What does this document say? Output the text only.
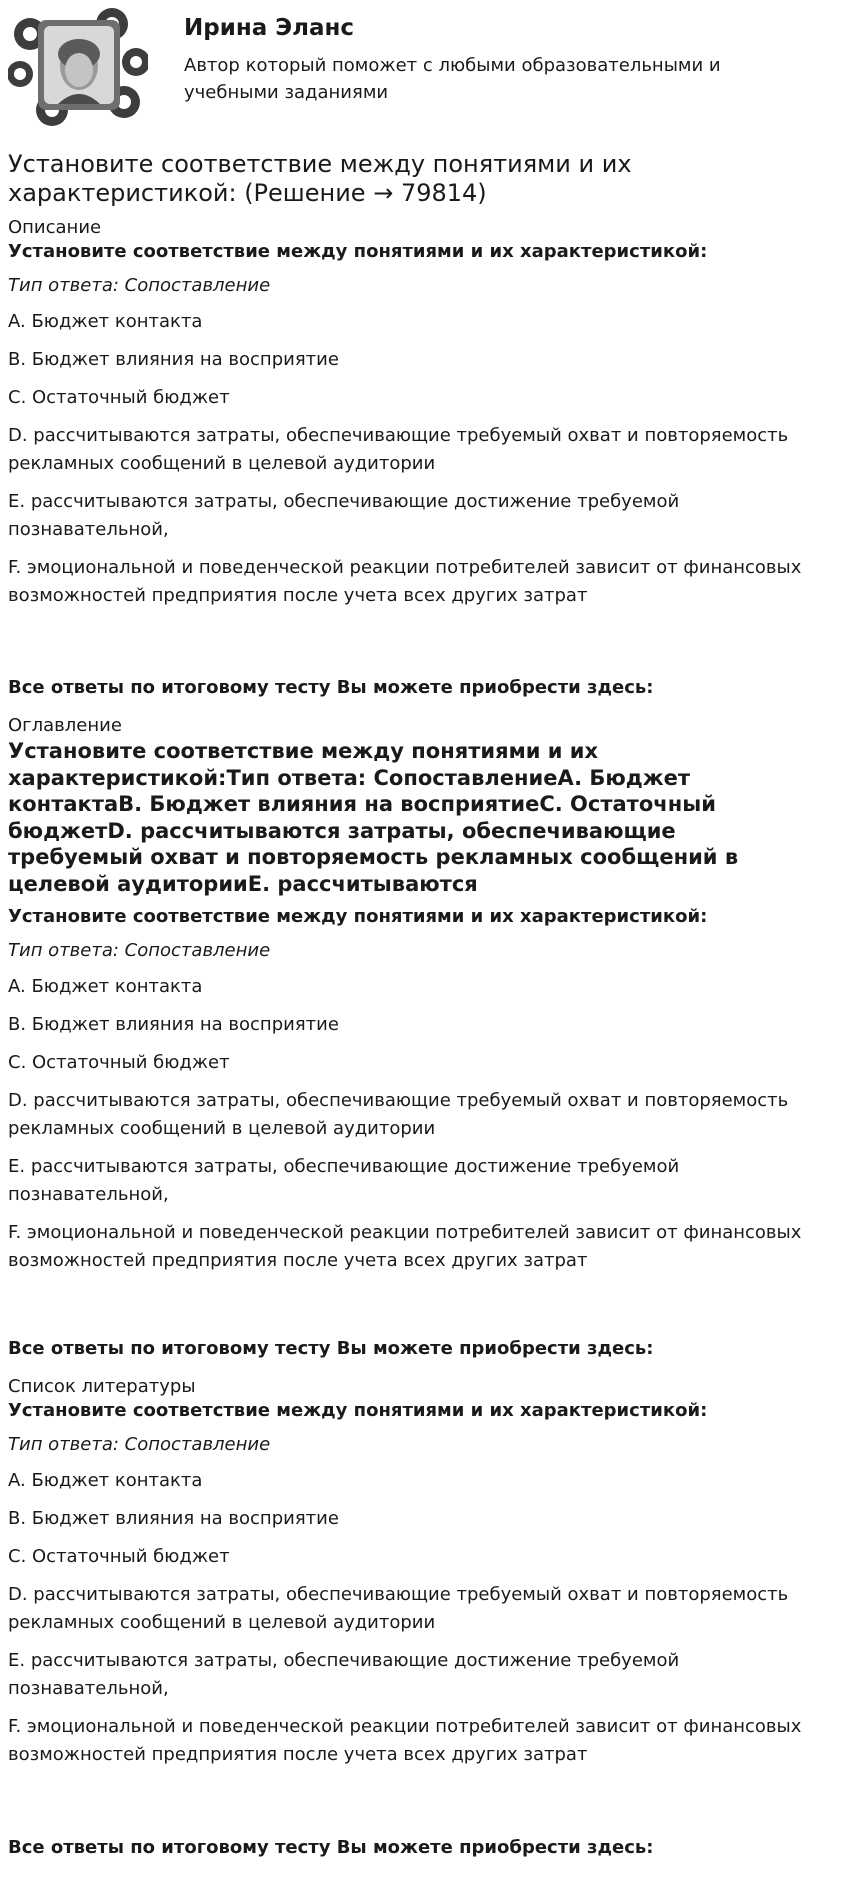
Ирина Эланс

Автор который поможет с любыми образовательными и учебными заданиями

Установите соответствие между понятиями и их характеристикой: (Решение → 79814)

Описание

Установите соответствие между понятиями и их характеристикой:

Тип ответа: Сопоставление

A. Бюджет контакта

B. Бюджет влияния на восприятие

C. Остаточный бюджет

D. рассчитываются затраты, обеспечивающие требуемый охват и повторяемость рекламных сообщений в целевой аудитории

E. рассчитываются затраты, обеспечивающие достижение требуемой познавательной,

F. эмоциональной и поведенческой реакции потребителей зависит от финансовых возможностей предприятия после учета всех других затрат

Все ответы по итоговому тесту Вы можете приобрести здесь:

Оглавление

Установите соответствие между понятиями и их характеристикой:Тип ответа: СопоставлениеA. Бюджет контактаB. Бюджет влияния на восприятиеC. Остаточный бюджетD. рассчитываются затраты, обеспечивающие требуемый охват и повторяемость рекламных сообщений в целевой аудиторииE. рассчитываются

Установите соответствие между понятиями и их характеристикой:

Тип ответа: Сопоставление

A. Бюджет контакта

B. Бюджет влияния на восприятие

C. Остаточный бюджет

D. рассчитываются затраты, обеспечивающие требуемый охват и повторяемость рекламных сообщений в целевой аудитории

E. рассчитываются затраты, обеспечивающие достижение требуемой познавательной,

F. эмоциональной и поведенческой реакции потребителей зависит от финансовых возможностей предприятия после учета всех других затрат

Все ответы по итоговому тесту Вы можете приобрести здесь:

Список литературы

Установите соответствие между понятиями и их характеристикой:

Тип ответа: Сопоставление

A. Бюджет контакта

B. Бюджет влияния на восприятие

C. Остаточный бюджет

D. рассчитываются затраты, обеспечивающие требуемый охват и повторяемость рекламных сообщений в целевой аудитории

E. рассчитываются затраты, обеспечивающие достижение требуемой познавательной,

F. эмоциональной и поведенческой реакции потребителей зависит от финансовых возможностей предприятия после учета всех других затрат

Все ответы по итоговому тесту Вы можете приобрести здесь:
